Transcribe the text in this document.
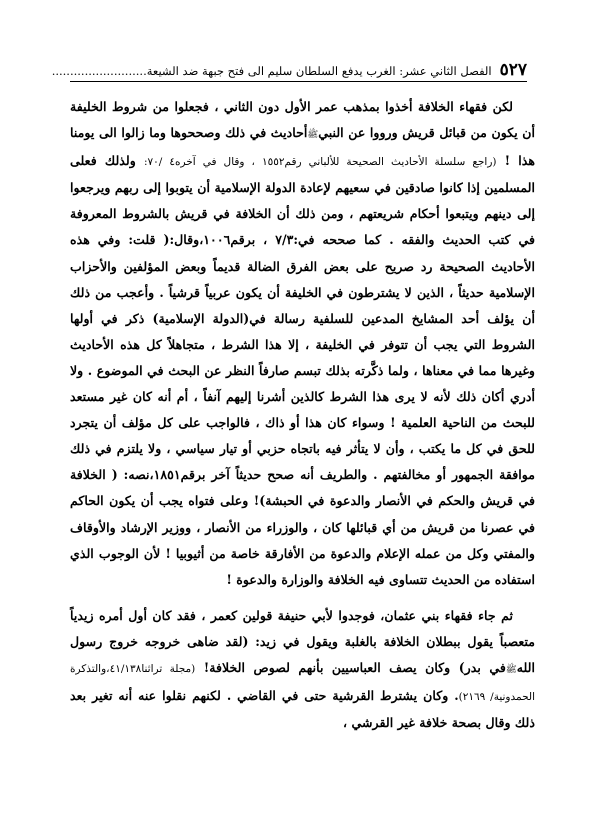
٥٢٧
الفصل الثاني عشر: الغرب يدفع السلطان سليم الى فتح جبهة ضد الشيعة..........................

لكن فقهاء الخلافة أخذوا بمذهب عمر الأول دون الثاني ، فجعلوا من شروط الخليفة أن يكون من قبائل قريش ورووا عن النبيﷺأحاديث في ذلك وصححوها وما زالوا الى يومنا هذا ! (راجع سلسلة الأحاديث الصحيحة للألباني رقم١٥٥٢ ، وقال في آخره٤ /٧٠: ولذلك فعلى المسلمين إذا كانوا صادقين في سعيهم لإعادة الدولة الإسلامية أن يتوبوا إلى ربهم ويرجعوا إلى دينهم ويتبعوا أحكام شريعتهم ، ومن ذلك أن الخلافة في قريش بالشروط المعروفة في كتب الحديث والفقه . كما صححه في:٧/٣ ، برقم١٠٠٦،وقال:( قلت: وفي هذه الأحاديث الصحيحة رد صريح على بعض الفرق الضالة قديماً وبعض المؤلفين والأحزاب الإسلامية حديثاً ، الذين لا يشترطون في الخليفة أن يكون عربياً قرشياً . وأعجب من ذلك أن يؤلف أحد المشايخ المدعين للسلفية رسالة في(الدولة الإسلامية) ذكر في أولها الشروط التي يجب أن تتوفر في الخليفة ، إلا هذا الشرط ، متجاهلاً كل هذه الأحاديث وغيرها مما في معناها ، ولما ذكَّرته بذلك تبسم صارفاً النظر عن البحث في الموضوع . ولا أدري أكان ذلك لأنه لا يرى هذا الشرط كالذين أشرنا إليهم آنفاً ، أم أنه كان غير مستعد للبحث من الناحية العلمية ! وسواء كان هذا أو ذاك ، فالواجب على كل مؤلف أن يتجرد للحق في كل ما يكتب ، وأن لا يتأثر فيه باتجاه حزبي أو تيار سياسي ، ولا يلتزم في ذلك موافقة الجمهور أو مخالفتهم . والطريف أنه صحح حديثاً آخر برقم١٨٥١،نصه: ( الخلافة في قريش والحكم في الأنصار والدعوة في الحبشة)! وعلى فتواه يجب أن يكون الحاكم في عصرنا من قريش من أي قبائلها كان ، والوزراء من الأنصار ، ووزير الإرشاد والأوقاف والمفتي وكل من عمله الإعلام والدعوة من الأفارقة خاصة من أثيوبيا ! لأن الوجوب الذي استفاده من الحديث تتساوى فيه الخلافة والوزارة والدعوة !

ثم جاء فقهاء بني عثمان، فوجدوا لأبي حنيفة قولين كعمر ، فقد كان أول أمره زيدياً متعصباً يقول ببطلان الخلافة بالغلبة ويقول في زيد: (لقد ضاهى خروجه خروج رسول اللهﷺفي بدر) وكان يصف العباسيين بأنهم لصوص الخلافة! (مجلة تراثنا٤١/١٣٨،والتذكرة الحمدونية/ ٢١٦٩). وكان يشترط القرشية حتى في القاضي . لكنهم نقلوا عنه أنه تغير بعد ذلك وقال بصحة خلافة غير القرشي ،
